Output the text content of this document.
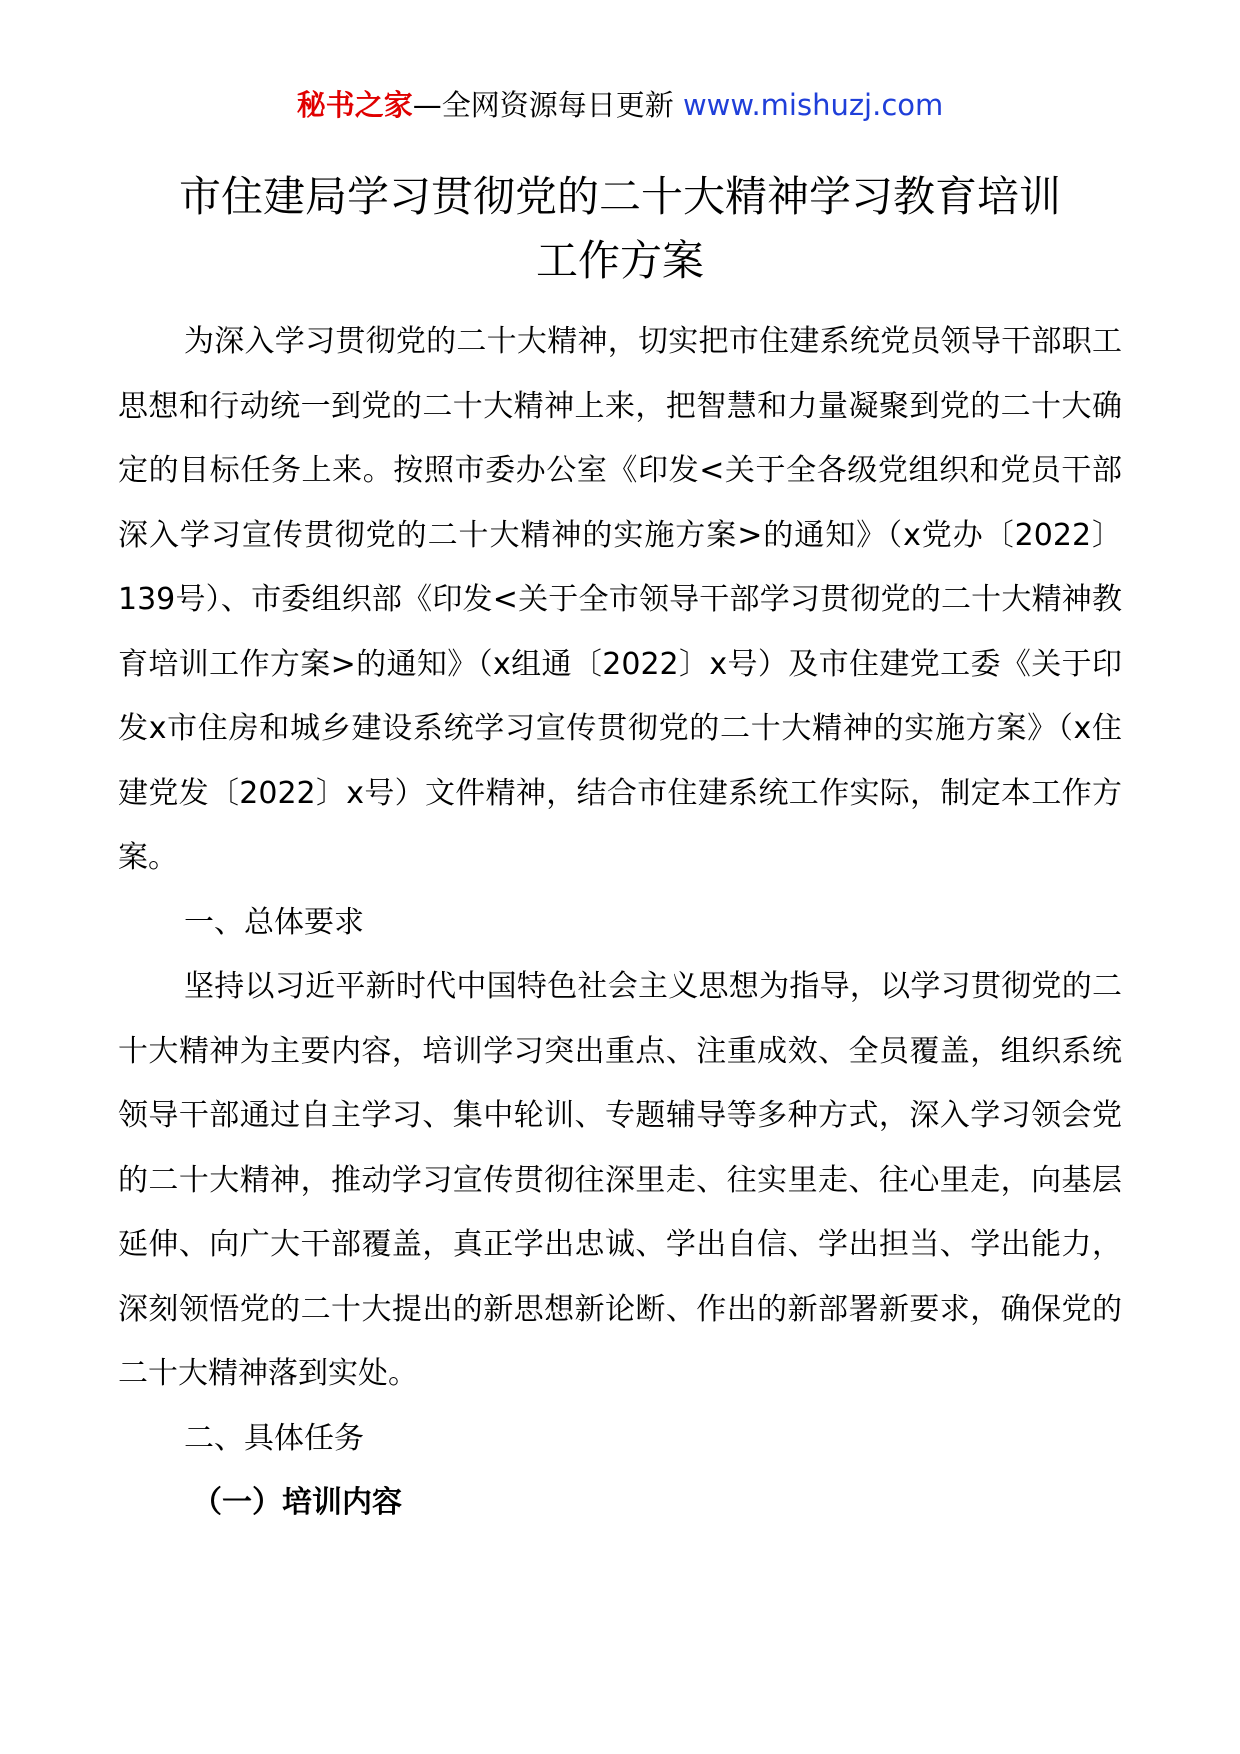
秘书之家—全网资源每日更新 www.mishuzj.com
市住建局学习贯彻党的二十大精神学习教育培训
工作方案

为深入学习贯彻党的二十大精神，切实把市住建系统党员领导干部职工思想和行动统一到党的二十大精神上来，把智慧和力量凝聚到党的二十大确定的目标任务上来。按照市委办公室《印发<关于全各级党组织和党员干部深入学习宣传贯彻党的二十大精神的实施方案>的通知》（x党办〔2022〕139号）、市委组织部《印发<关于全市领导干部学习贯彻党的二十大精神教育培训工作方案>的通知》（x组通〔2022〕x号）及市住建党工委《关于印发x市住房和城乡建设系统学习宣传贯彻党的二十大精神的实施方案》（x住建党发〔2022〕x号）文件精神，结合市住建系统工作实际，制定本工作方案。

一、总体要求

坚持以习近平新时代中国特色社会主义思想为指导，以学习贯彻党的二十大精神为主要内容，培训学习突出重点、注重成效、全员覆盖，组织系统领导干部通过自主学习、集中轮训、专题辅导等多种方式，深入学习领会党的二十大精神，推动学习宣传贯彻往深里走、往实里走、往心里走，向基层延伸、向广大干部覆盖，真正学出忠诚、学出自信、学出担当、学出能力，深刻领悟党的二十大提出的新思想新论断、作出的新部署新要求，确保党的二十大精神落到实处。

二、具体任务

（一）培训内容
